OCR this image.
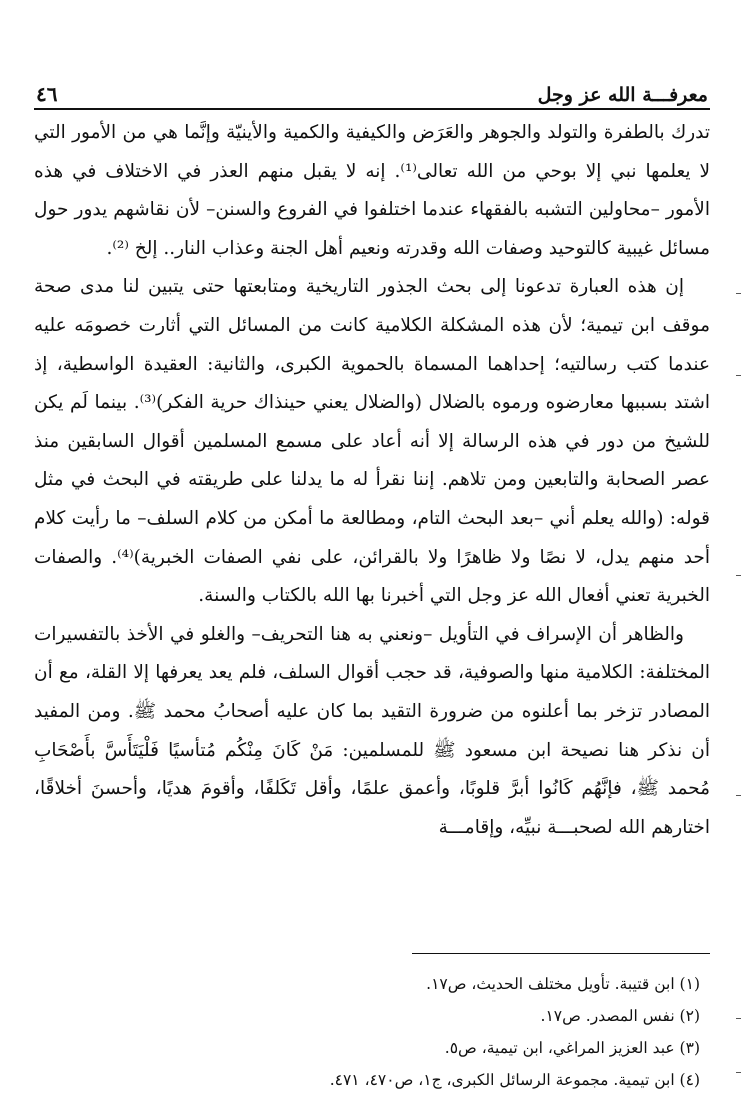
معرفـــة الله عز وجل
٤٦

تدرك بالطفرة والتولد والجوهر والعَرَض والكيفية والكمية والأينيّة وإنَّما هي من الأمور التي لا يعلمها نبي إلا بوحي من الله تعالى⁽¹⁾. إنه لا يقبل منهم العذر في الاختلاف في هذه الأمور –محاولين التشبه بالفقهاء عندما اختلفوا في الفروع والسنن– لأن نقاشهم يدور حول مسائل غيبية كالتوحيد وصفات الله وقدرته ونعيم أهل الجنة وعذاب النار.. إلخ ⁽²⁾.

إن هذه العبارة تدعونا إلى بحث الجذور التاريخية ومتابعتها حتى يتبين لنا مدى صحة موقف ابن تيمية؛ لأن هذه المشكلة الكلامية كانت من المسائل التي أثارت خصومَه عليه عندما كتب رسالتيه؛ إحداهما المسماة بالحموية الكبرى، والثانية: العقيدة الواسطية، إذ اشتد بسببها معارضوه ورموه بالضلال (والضلال يعني حينذاك حرية الفكر)⁽³⁾. بينما لَم يكن للشيخ من دور في هذه الرسالة إلا أنه أعاد على مسمع المسلمين أقوال السابقين منذ عصر الصحابة والتابعين ومن تلاهم. إننا نقرأ له ما يدلنا على طريقته في البحث في مثل قوله: (والله يعلم أني –بعد البحث التام، ومطالعة ما أمكن من كلام السلف– ما رأيت كلام أحد منهم يدل، لا نصًا ولا ظاهرًا ولا بالقرائن، على نفي الصفات الخبرية)⁽⁴⁾. والصفات الخبرية تعني أفعال الله عز وجل التي أخبرنا بها الله بالكتاب والسنة.

والظاهر أن الإسراف في التأويل –ونعني به هنا التحريف– والغلو في الأخذ بالتفسيرات المختلفة: الكلامية منها والصوفية، قد حجب أقوال السلف، فلم يعد يعرفها إلا القلة، مع أن المصادر تزخر بما أعلنوه من ضرورة التقيد بما كان عليه أصحابُ محمد ﷺ. ومن المفيد أن نذكر هنا نصيحة ابن مسعود ﷺ للمسلمين: مَنْ كَانَ مِنْكُم مُتأسيًا فَلْيَتَأَسَّ بأَصْحَابِ مُحمد ﷺ، فإنَّهُم كَانُوا أبرَّ قلوبًا، وأعمق علمًا، وأقل تَكَلفًا، وأقومَ هديًا، وأحسنَ أخلاقًا، اختارهم الله لصحبـــة نبيِّه، وإقامـــة

(١) ابن قتيبة. تأويل مختلف الحديث، ص١٧.
(٢) نفس المصدر. ص١٧.
(٣) عبد العزيز المراغي، ابن تيمية، ص٥.
(٤) ابن تيمية. مجموعة الرسائل الكبرى، ج١، ص٤٧٠، ٤٧١.
